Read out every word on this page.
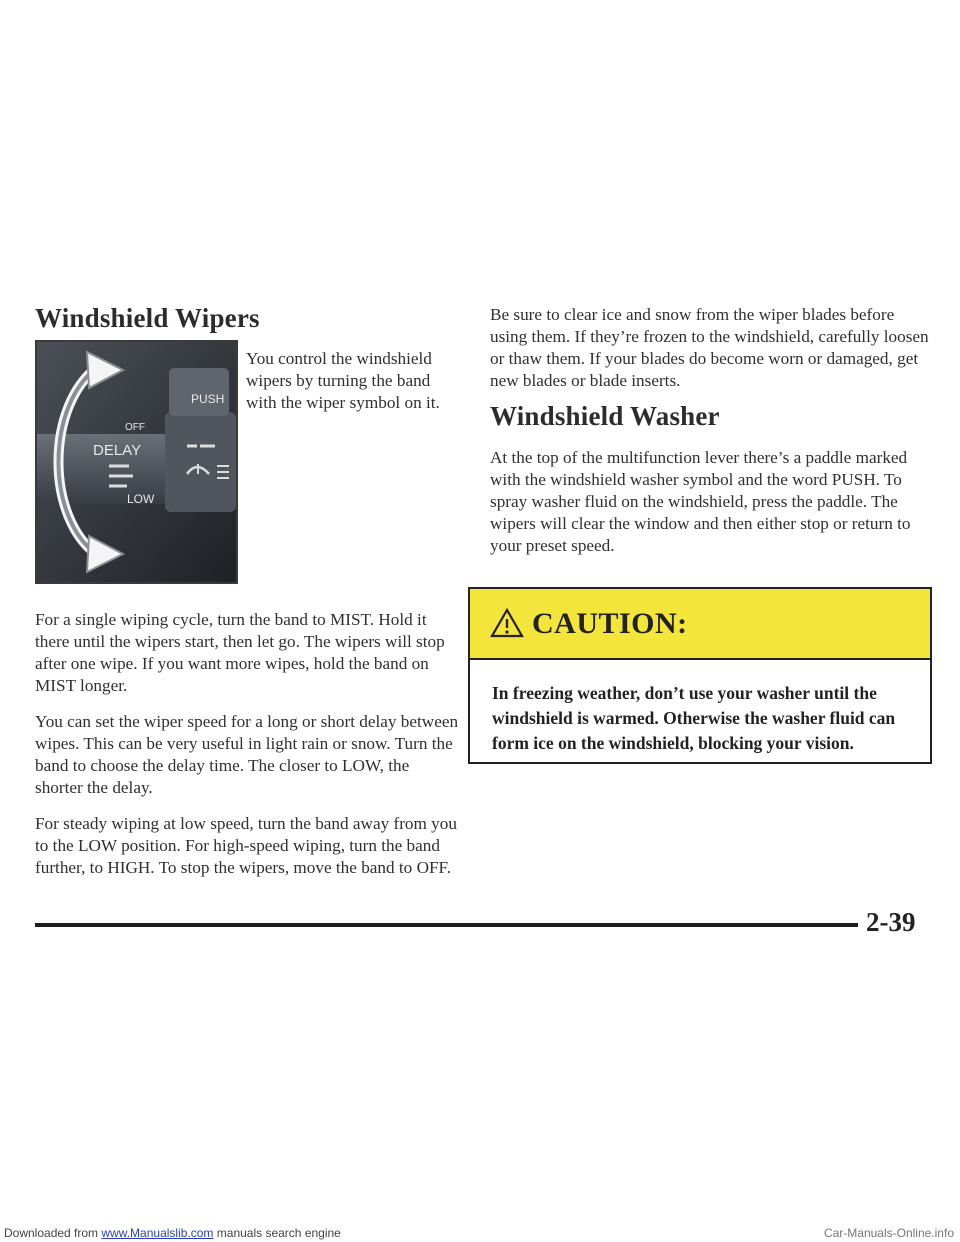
Windshield Wipers
DELAY
LOW
PUSH
OFF

You control the windshield wipers by turning the band with the wiper symbol on it.

For a single wiping cycle, turn the band to MIST. Hold it there until the wipers start, then let go. The wipers will stop after one wipe. If you want more wipes, hold the band on MIST longer.

You can set the wiper speed for a long or short delay between wipes. This can be very useful in light rain or snow. Turn the band to choose the delay time. The closer to LOW, the shorter the delay.

For steady wiping at low speed, turn the band away from you to the LOW position. For high-speed wiping, turn the band further, to HIGH. To stop the wipers, move the band to OFF.

Be sure to clear ice and snow from the wiper blades before using them. If they’re frozen to the windshield, carefully loosen or thaw them. If your blades do become worn or damaged, get new blades or blade inserts.

Windshield Washer

At the top of the multifunction lever there’s a paddle marked with the windshield washer symbol and the word PUSH. To spray washer fluid on the windshield, press the paddle. The wipers will clear the window and then either stop or return to your preset speed.

CAUTION:

In freezing weather, don’t use your washer until the windshield is warmed. Otherwise the washer fluid can form ice on the windshield, blocking your vision.

2-39
Downloaded from www.Manualslib.com manuals search engine	Car-Manuals-Online.info
